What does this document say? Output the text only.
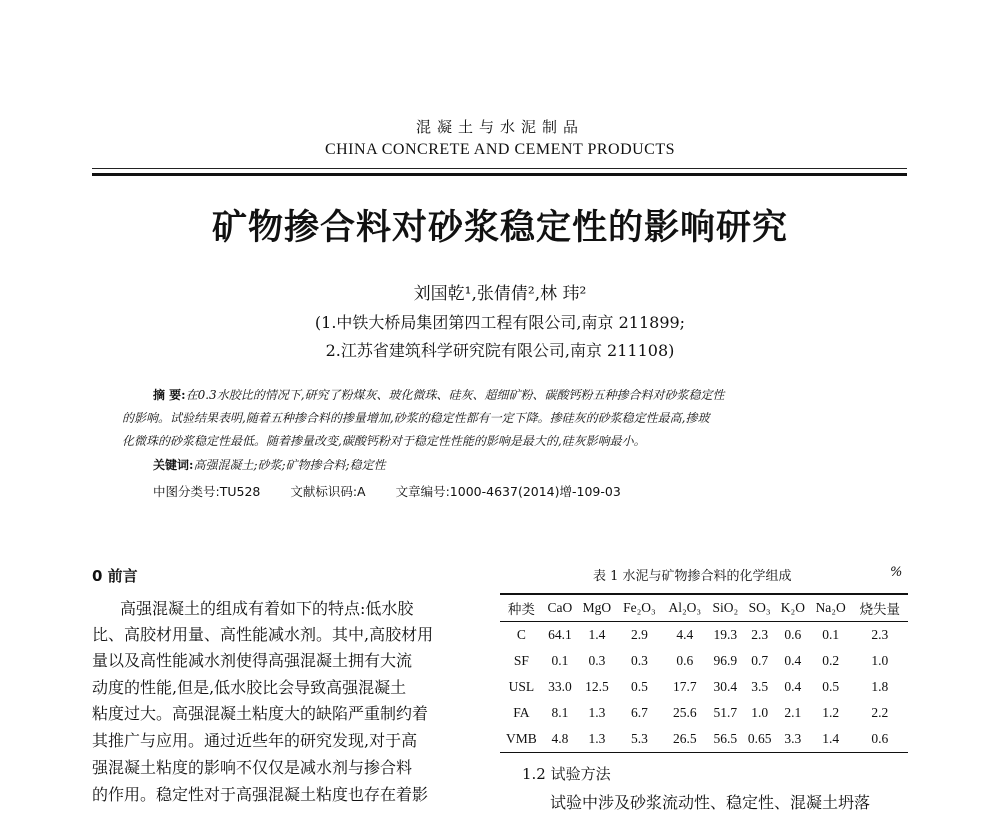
混凝土与水泥制品
CHINA CONCRETE AND CEMENT PRODUCTS
矿物掺合料对砂浆稳定性的影响研究
刘国乾¹,张倩倩²,林 玮²
(1.中铁大桥局集团第四工程有限公司,南京 211899;
2.江苏省建筑科学研究院有限公司,南京 211108)
摘 要:在0.3水胶比的情况下,研究了粉煤灰、玻化微珠、硅灰、超细矿粉、碳酸钙粉五种掺合料对砂浆稳定性
的影响。试验结果表明,随着五种掺合料的掺量增加,砂浆的稳定性都有一定下降。掺硅灰的砂浆稳定性最高,掺玻
化微珠的砂浆稳定性最低。随着掺量改变,碳酸钙粉对于稳定性性能的影响是最大的,硅灰影响最小。
关键词:高强混凝土;砂浆;矿物掺合料;稳定性
中图分类号:TU528 文献标识码:A 文章编号:1000-4637(2014)增-109-03
0 前言
高强混凝土的组成有着如下的特点:低水胶
比、高胶材用量、高性能减水剂。其中,高胶材用
量以及高性能减水剂使得高强混凝土拥有大流
动度的性能,但是,低水胶比会导致高强混凝土
粘度过大。高强混凝土粘度大的缺陷严重制约着
其推广与应用。通过近些年的研究发现,对于高
强混凝土粘度的影响不仅仅是减水剂与掺合料
的作用。稳定性对于高强混凝土粘度也存在着影
表 1 水泥与矿物掺合料的化学组成	%
种类	CaO	MgO	Fe₂O₃	Al₂O₃	SiO₂	SO₃	K₂O	Na₂O	烧失量
C	64.1	1.4	2.9	4.4	19.3	2.3	0.6	0.1	2.3
SF	0.1	0.3	0.3	0.6	96.9	0.7	0.4	0.2	1.0
USL	33.0	12.5	0.5	17.7	30.4	3.5	0.4	0.5	1.8
FA	8.1	1.3	6.7	25.6	51.7	1.0	2.1	1.2	2.2
VMB	4.8	1.3	5.3	26.5	56.5	0.65	3.3	1.4	0.6
1.2 试验方法
试验中涉及砂浆流动性、稳定性、混凝土坍落
